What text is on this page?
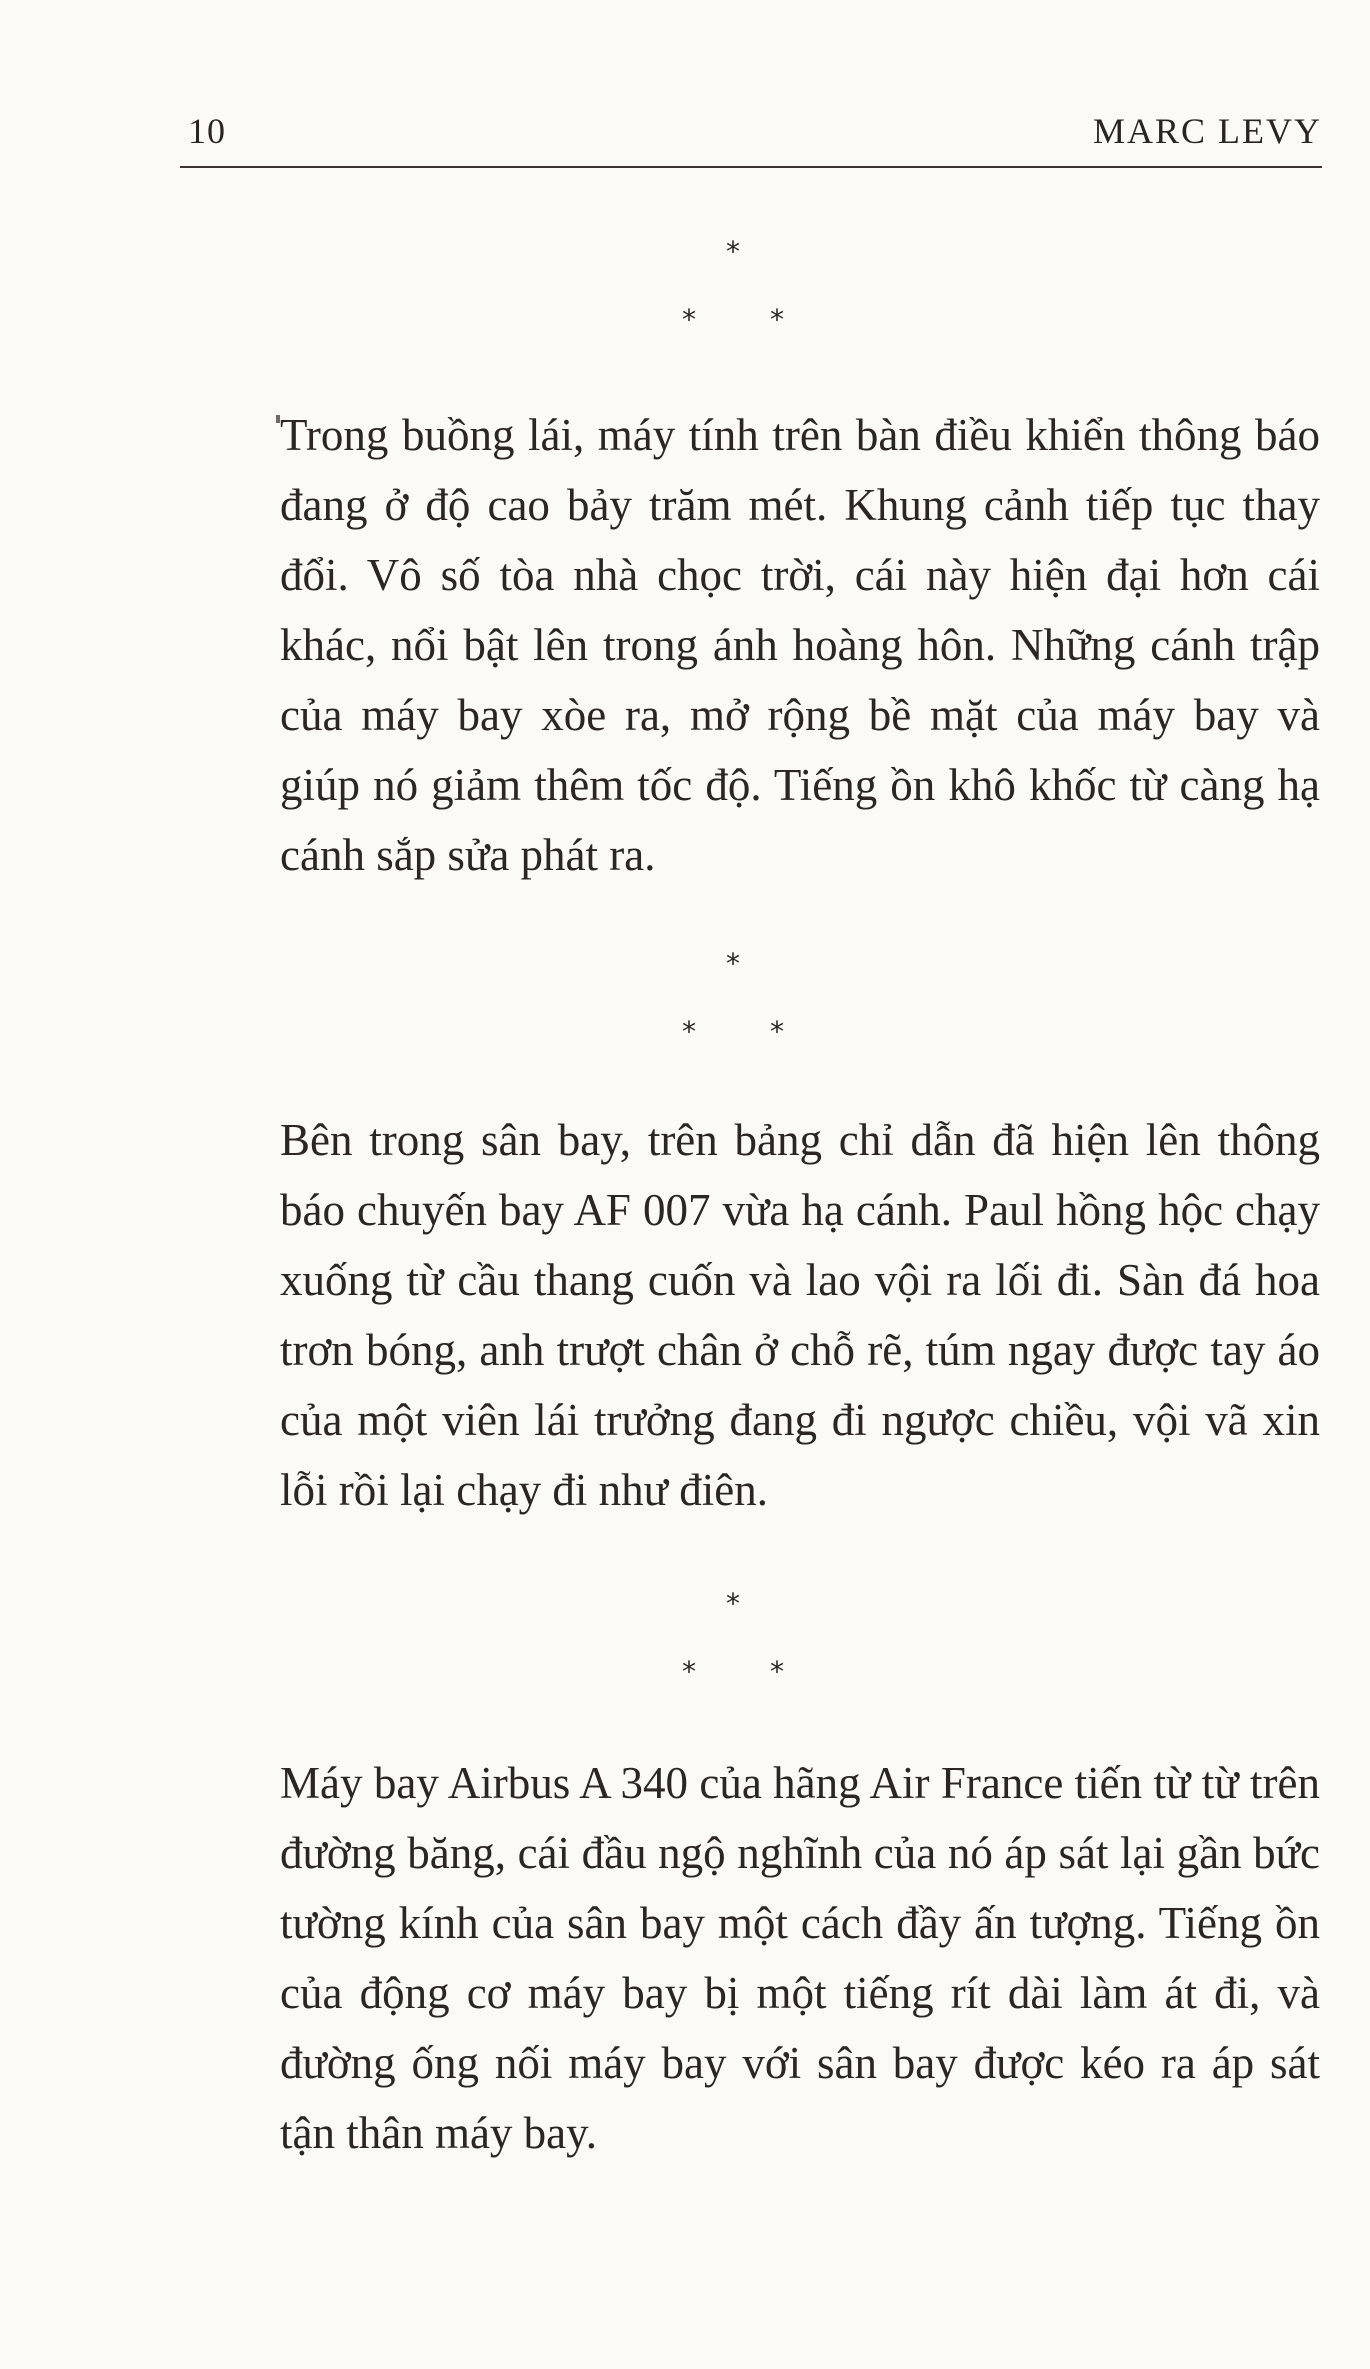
10	MARC LEVY
*
*	*

Trong buồng lái, máy tính trên bàn điều khiển thông báo đang ở độ cao bảy trăm mét. Khung cảnh tiếp tục thay đổi. Vô số tòa nhà chọc trời, cái này hiện đại hơn cái khác, nổi bật lên trong ánh hoàng hôn. Những cánh trập của máy bay xòe ra, mở rộng bề mặt của máy bay và giúp nó giảm thêm tốc độ. Tiếng ồn khô khốc từ càng hạ cánh sắp sửa phát ra.

*
*	*

Bên trong sân bay, trên bảng chỉ dẫn đã hiện lên thông báo chuyến bay AF 007 vừa hạ cánh. Paul hồng hộc chạy xuống từ cầu thang cuốn và lao vội ra lối đi. Sàn đá hoa trơn bóng, anh trượt chân ở chỗ rẽ, túm ngay được tay áo của một viên lái trưởng đang đi ngược chiều, vội vã xin lỗi rồi lại chạy đi như điên.

*
*	*

Máy bay Airbus A 340 của hãng Air France tiến từ từ trên đường băng, cái đầu ngộ nghĩnh của nó áp sát lại gần bức tường kính của sân bay một cách đầy ấn tượng. Tiếng ồn của động cơ máy bay bị một tiếng rít dài làm át đi, và đường ống nối máy bay với sân bay được kéo ra áp sát tận thân máy bay.
